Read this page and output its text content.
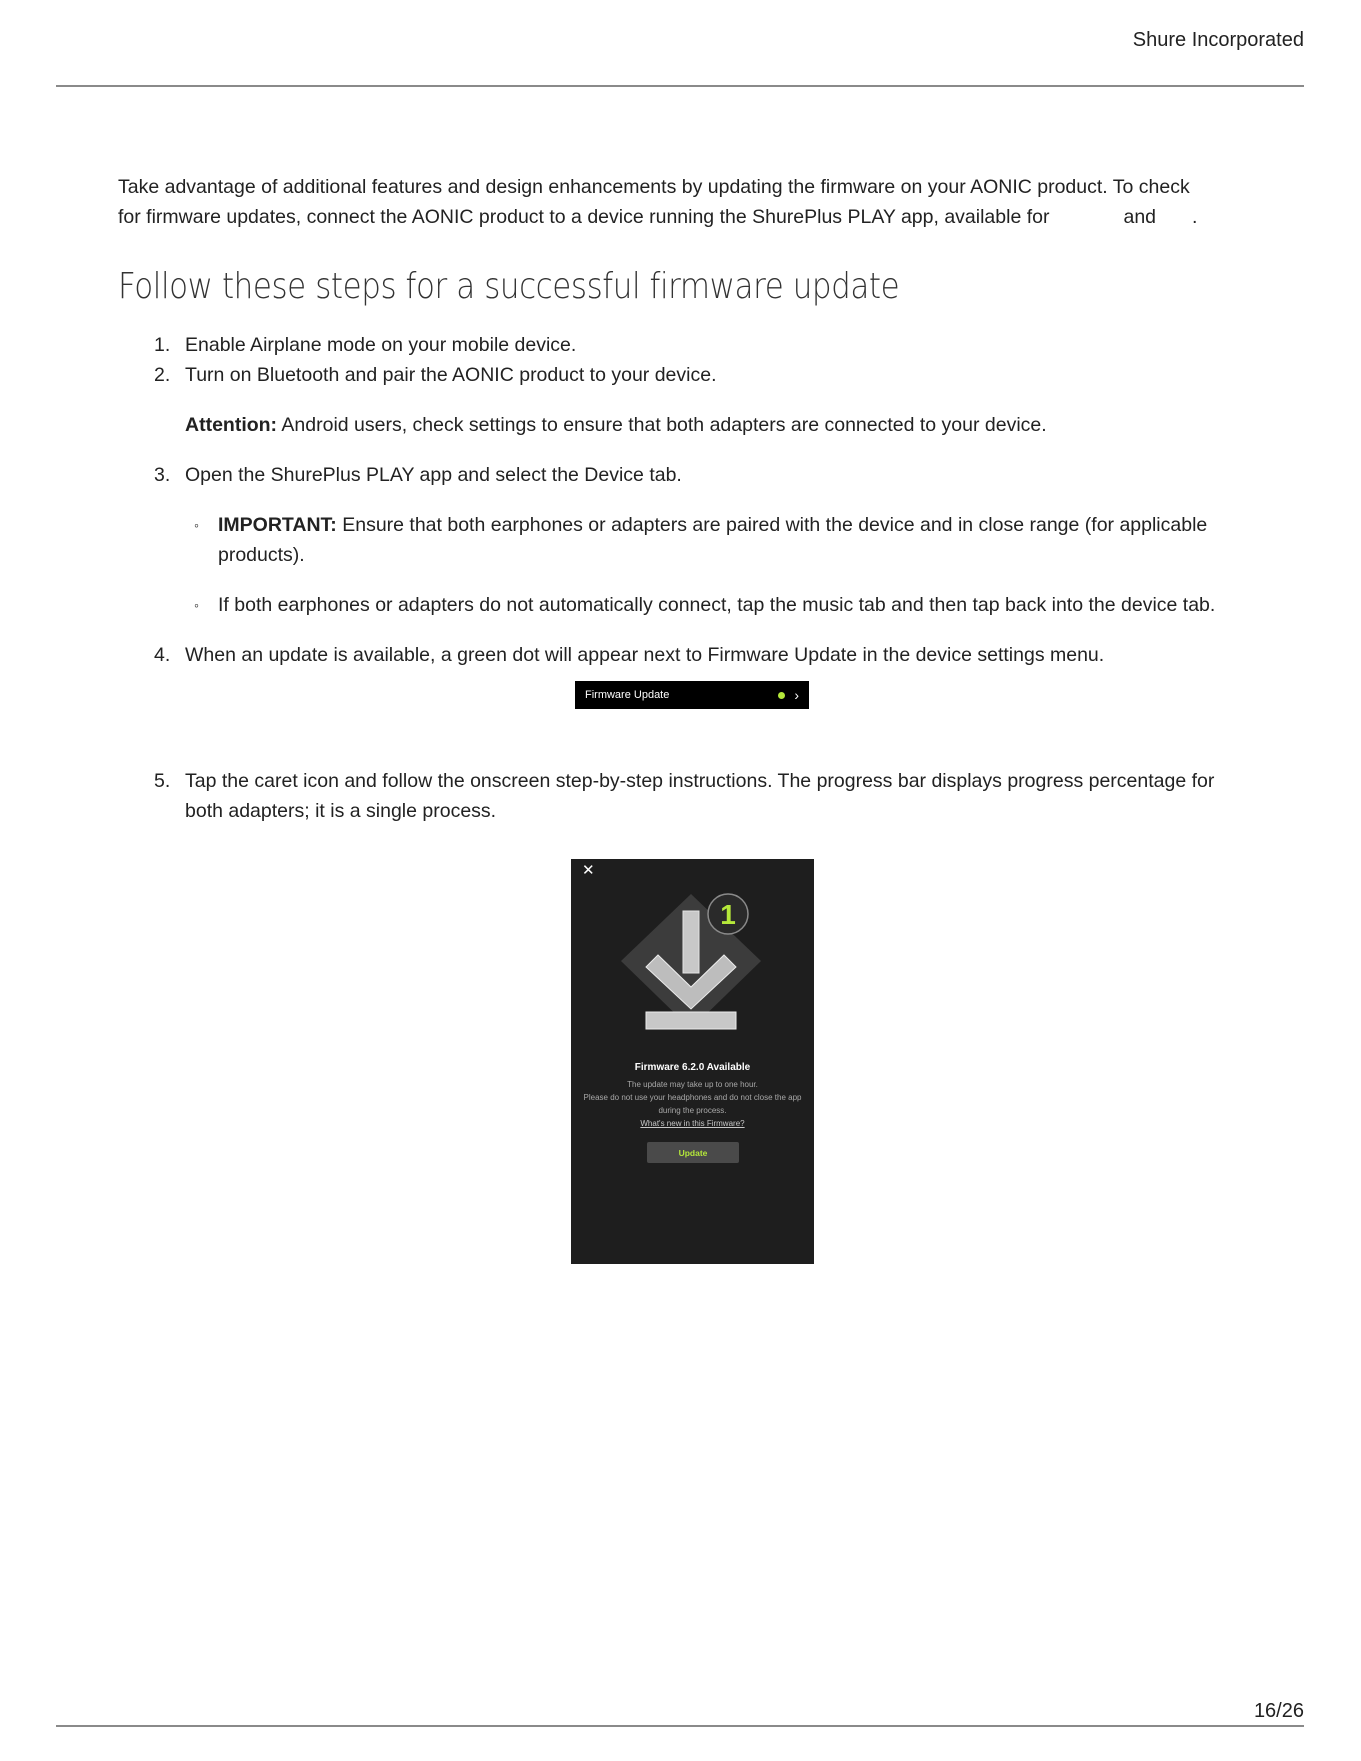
Shure Incorporated

Take advantage of additional features and design enhancements by updating the firmware on your AONIC product. To check
for firmware updates, connect the AONIC product to a device running the ShurePlus PLAY app, available for	and .

Follow these steps for a successful firmware update

1. Enable Airplane mode on your mobile device.

2. Turn on Bluetooth and pair the AONIC product to your device.

Attention: Android users, check settings to ensure that both adapters are connected to your device.

3. Open the ShurePlus PLAY app and select the Device tab.

◦ IMPORTANT: Ensure that both earphones or adapters are paired with the device and in close range (for applicable products).

◦ If both earphones or adapters do not automatically connect, tap the music tab and then tap back into the device tab.

4. When an update is available, a green dot will appear next to Firmware Update in the device settings menu.

5. Tap the caret icon and follow the onscreen step-by-step instructions. The progress bar displays progress percentage for both adapters; it is a single process.

Firmware Update	›
✕
1
Firmware 6.2.0 Available
The update may take up to one hour.
Please do not use your headphones and do not close the app
during the process.
What's new in this Firmware?
Update
16/26
